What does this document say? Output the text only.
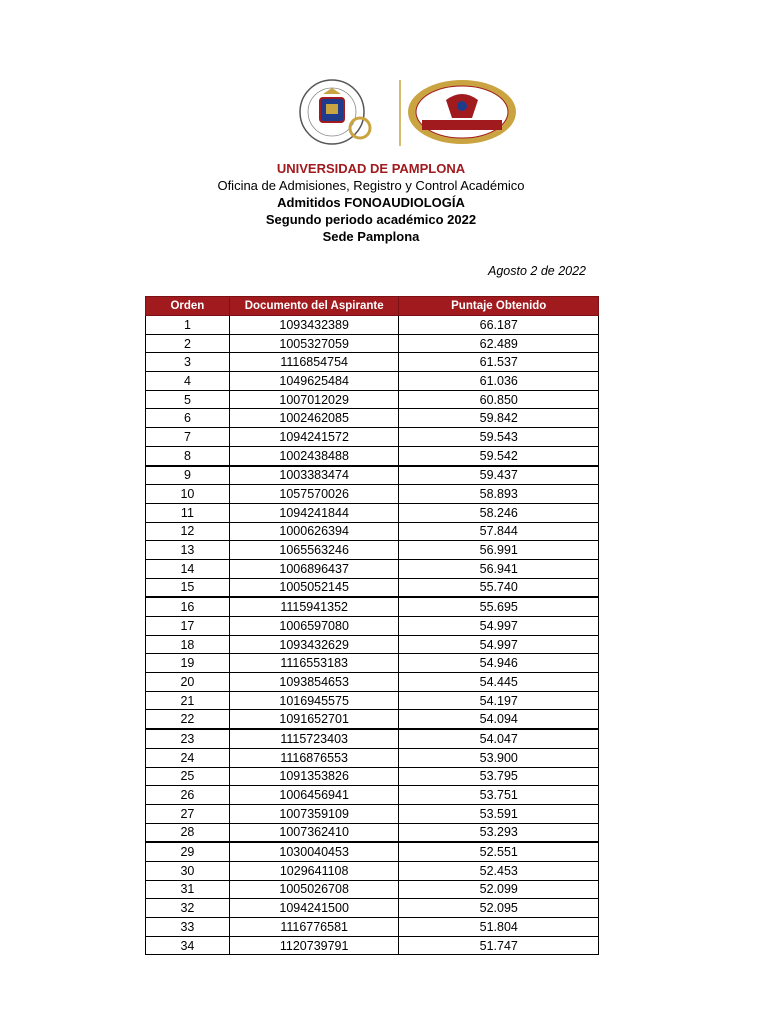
UNIVERSIDAD DE PAMPLONA
Oficina de Admisiones, Registro y Control Académico
Admitidos FONOAUDIOLOGÍA
Segundo periodo académico 2022
Sede Pamplona
Agosto 2 de 2022
Orden	Documento del Aspirante	Puntaje Obtenido
1	1093432389	66.187
2	1005327059	62.489
3	1116854754	61.537
4	1049625484	61.036
5	1007012029	60.850
6	1002462085	59.842
7	1094241572	59.543
8	1002438488	59.542
9	1003383474	59.437
10	1057570026	58.893
11	1094241844	58.246
12	1000626394	57.844
13	1065563246	56.991
14	1006896437	56.941
15	1005052145	55.740
16	1115941352	55.695
17	1006597080	54.997
18	1093432629	54.997
19	1116553183	54.946
20	1093854653	54.445
21	1016945575	54.197
22	1091652701	54.094
23	1115723403	54.047
24	1116876553	53.900
25	1091353826	53.795
26	1006456941	53.751
27	1007359109	53.591
28	1007362410	53.293
29	1030040453	52.551
30	1029641108	52.453
31	1005026708	52.099
32	1094241500	52.095
33	1116776581	51.804
34	1120739791	51.747
